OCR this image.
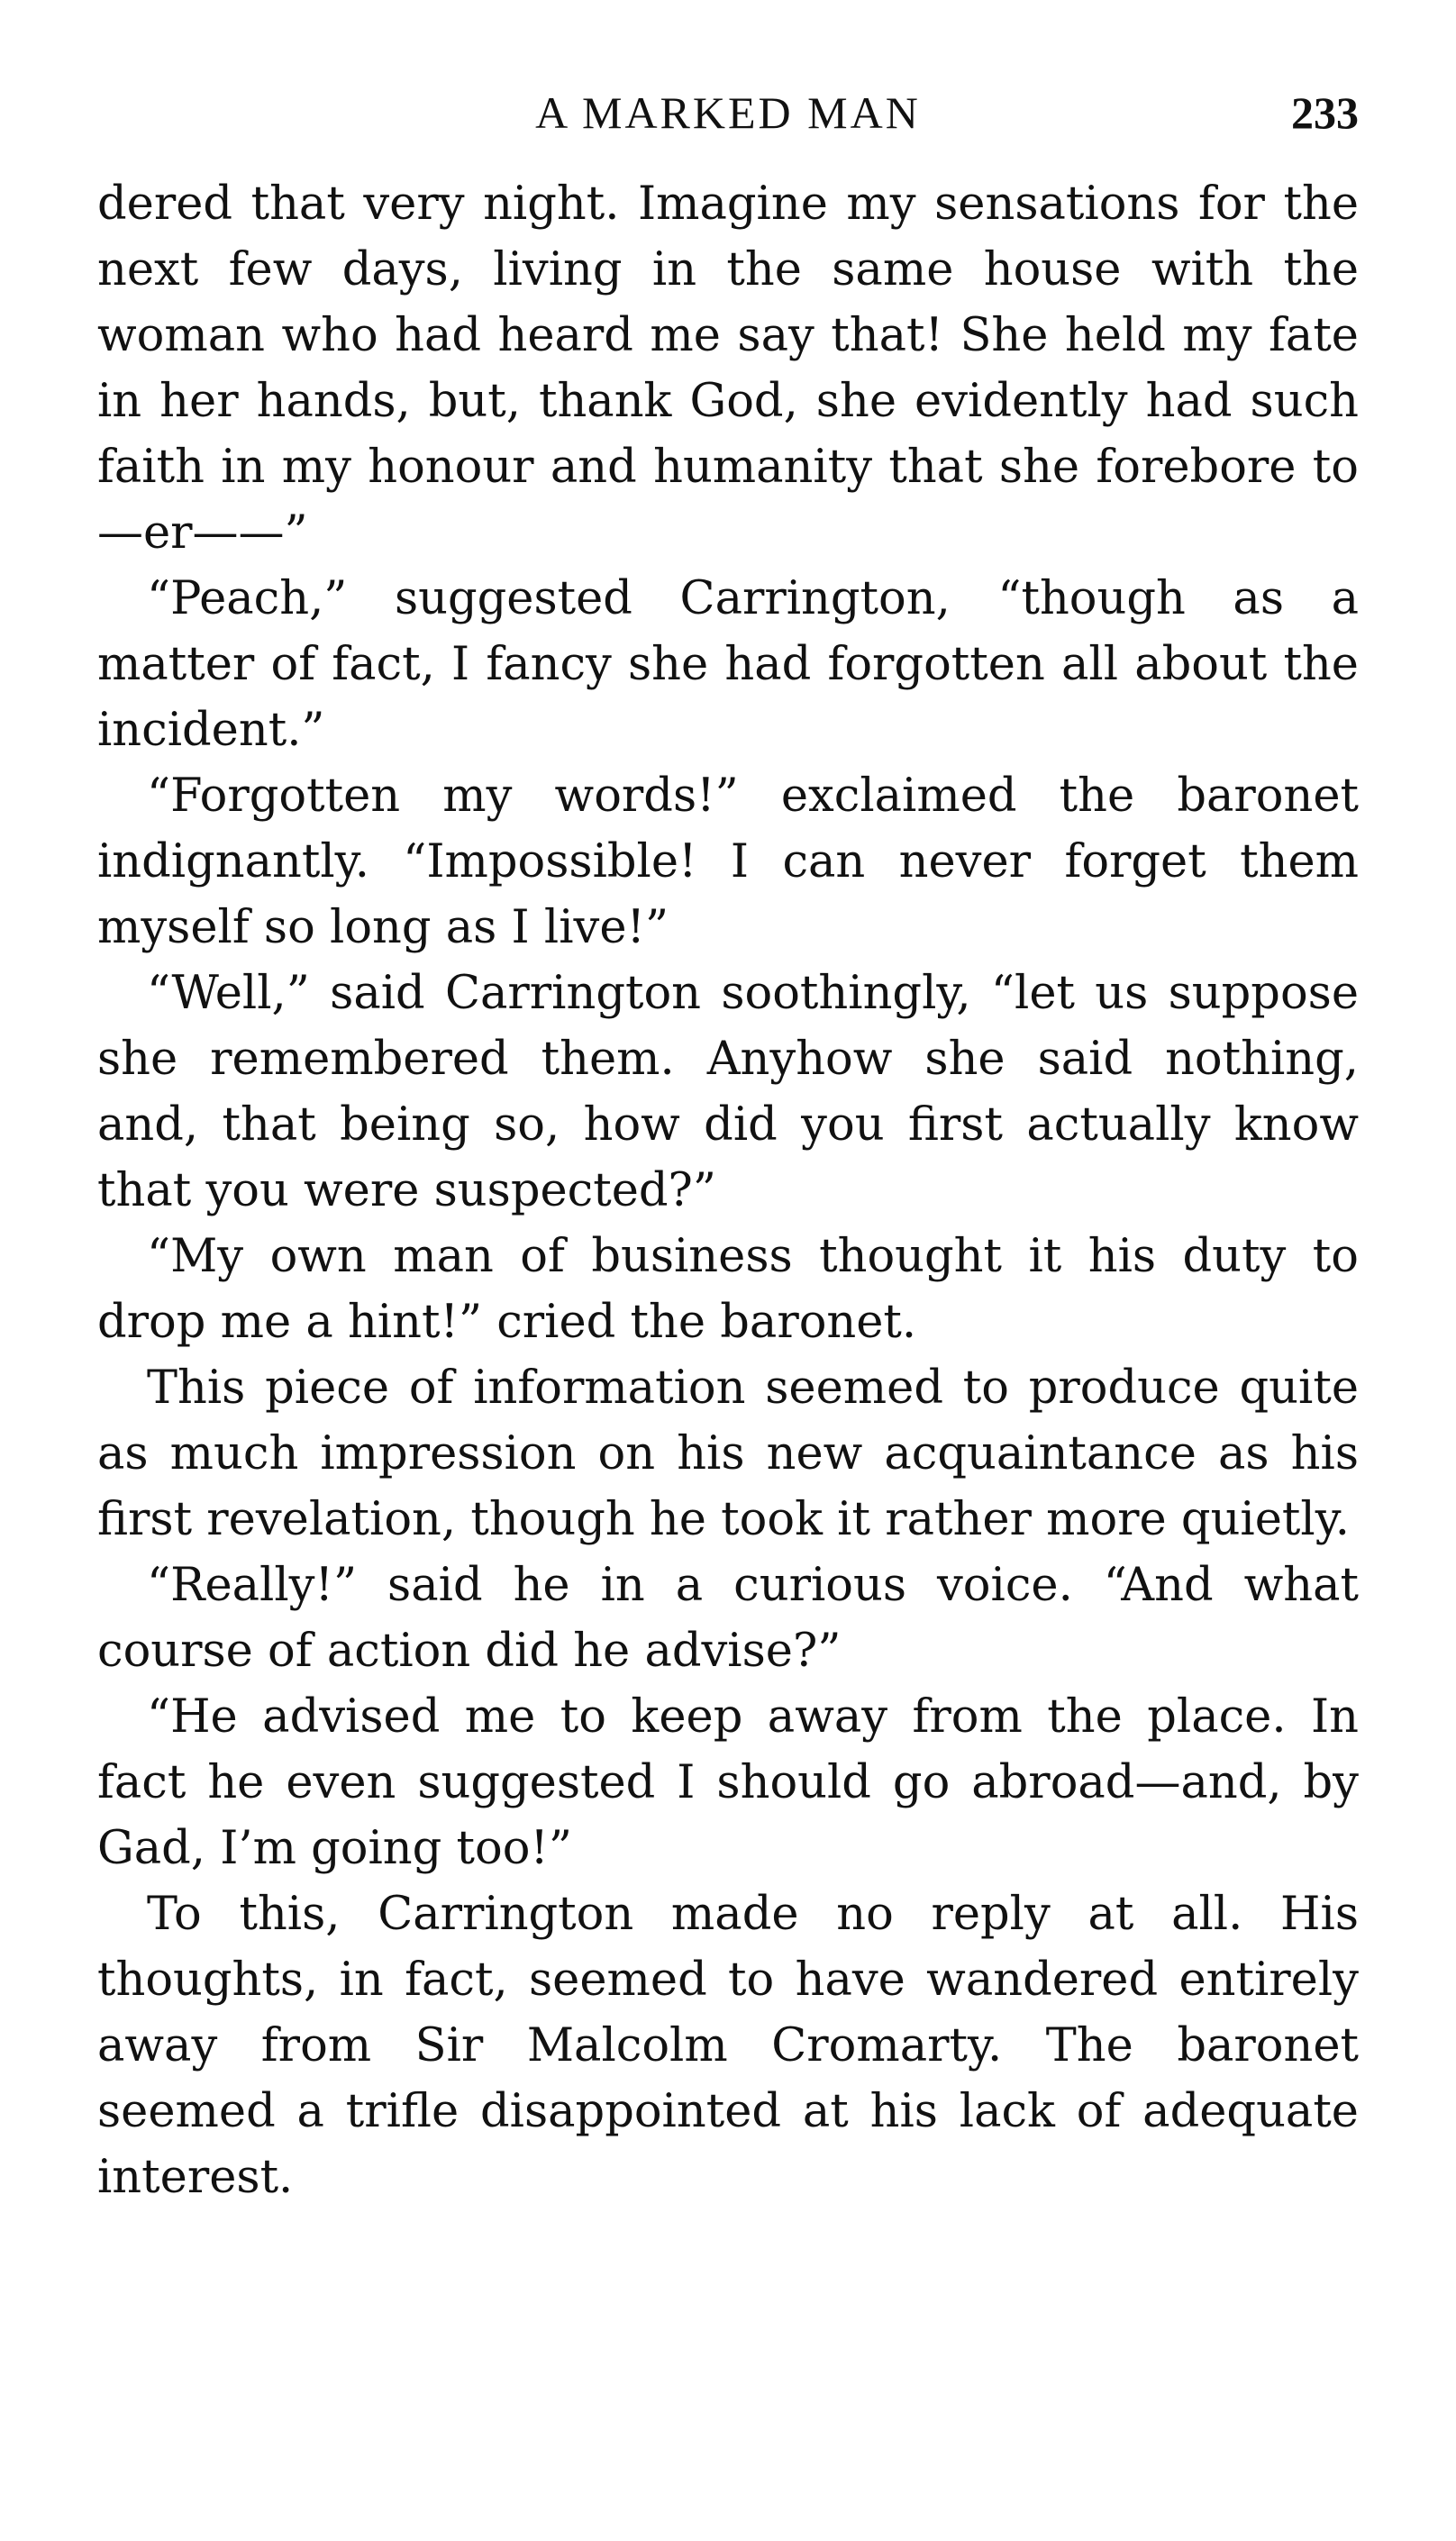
A MARKED MAN	233

dered that very night. Imagine my sensations for the next few days, living in the same house with the woman who had heard me say that! She held my fate in her hands, but, thank God, she evidently had such faith in my honour and humanity that she forebore to—er——”

“Peach,” suggested Carrington, “though as a matter of fact, I fancy she had forgotten all about the incident.”

“Forgotten my words!” exclaimed the baronet indignantly. “Impossible! I can never forget them myself so long as I live!”

“Well,” said Carrington soothingly, “let us suppose she remembered them. Anyhow she said nothing, and, that being so, how did you first actually know that you were suspected?”

“My own man of business thought it his duty to drop me a hint!” cried the baronet.

This piece of information seemed to produce quite as much impression on his new acquaintance as his first revelation, though he took it rather more quietly.

“Really!” said he in a curious voice. “And what course of action did he advise?”

“He advised me to keep away from the place. In fact he even suggested I should go abroad—and, by Gad, I’m going too!”

To this, Carrington made no reply at all. His thoughts, in fact, seemed to have wandered entirely away from Sir Malcolm Cromarty. The baronet seemed a trifle disappointed at his lack of adequate interest.
